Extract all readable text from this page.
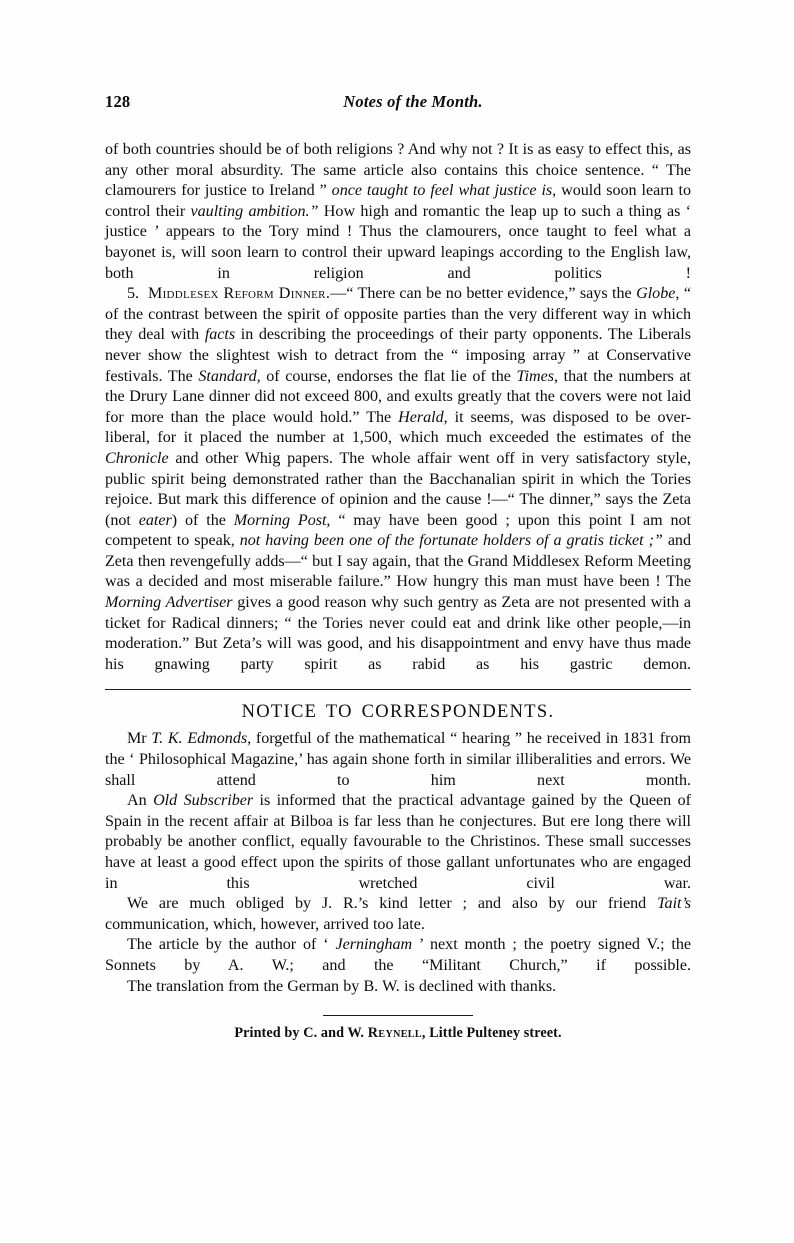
128	Notes of the Month.

of both countries should be of both religions ? And why not ? It is as easy to effect this, as any other moral absurdity. The same article also contains this choice sentence. “ The clamourers for justice to Ireland ” once taught to feel what justice is, would soon learn to control their vaulting ambition.” How high and romantic the leap up to such a thing as ‘ justice ’ appears to the Tory mind ! Thus the clamourers, once taught to feel what a bayonet is, will soon learn to control their upward leapings according to the English law, both in religion and politics !

5. Middlesex Reform Dinner.—“ There can be no better evidence,” says the Globe, “ of the contrast between the spirit of opposite parties than the very different way in which they deal with facts in describing the proceedings of their party opponents. The Liberals never show the slightest wish to detract from the “ imposing array ” at Conservative festivals. The Standard, of course, endorses the flat lie of the Times, that the numbers at the Drury Lane dinner did not exceed 800, and exults greatly that the covers were not laid for more than the place would hold.” The Herald, it seems, was disposed to be over-liberal, for it placed the number at 1,500, which much exceeded the estimates of the Chronicle and other Whig papers. The whole affair went off in very satisfactory style, public spirit being demonstrated rather than the Bacchanalian spirit in which the Tories rejoice. But mark this difference of opinion and the cause !—“ The dinner,” says the Zeta (not eater) of the Morning Post, “ may have been good ; upon this point I am not competent to speak, not having been one of the fortunate holders of a gratis ticket ;” and Zeta then revengefully adds—“ but I say again, that the Grand Middlesex Reform Meeting was a decided and most miserable failure.” How hungry this man must have been ! The Morning Advertiser gives a good reason why such gentry as Zeta are not presented with a ticket for Radical dinners; “ the Tories never could eat and drink like other people,—in moderation.” But Zeta’s will was good, and his disappointment and envy have thus made his gnawing party spirit as rabid as his gastric demon.

NOTICE TO CORRESPONDENTS.

Mr T. K. Edmonds, forgetful of the mathematical “ hearing ” he received in 1831 from the ‘ Philosophical Magazine,’ has again shone forth in similar illiberalities and errors. We shall attend to him next month.

An Old Subscriber is informed that the practical advantage gained by the Queen of Spain in the recent affair at Bilboa is far less than he conjectures. But ere long there will probably be another conflict, equally favourable to the Christinos. These small successes have at least a good effect upon the spirits of those gallant unfortunates who are engaged in this wretched civil war.

We are much obliged by J. R.’s kind letter ; and also by our friend Tait’s communication, which, however, arrived too late.

The article by the author of ‘ Jerningham ’ next month ; the poetry signed V.; the Sonnets by A. W.; and the “Militant Church,” if possible.

The translation from the German by B. W. is declined with thanks.

Printed by C. and W. Reynell, Little Pulteney street.
